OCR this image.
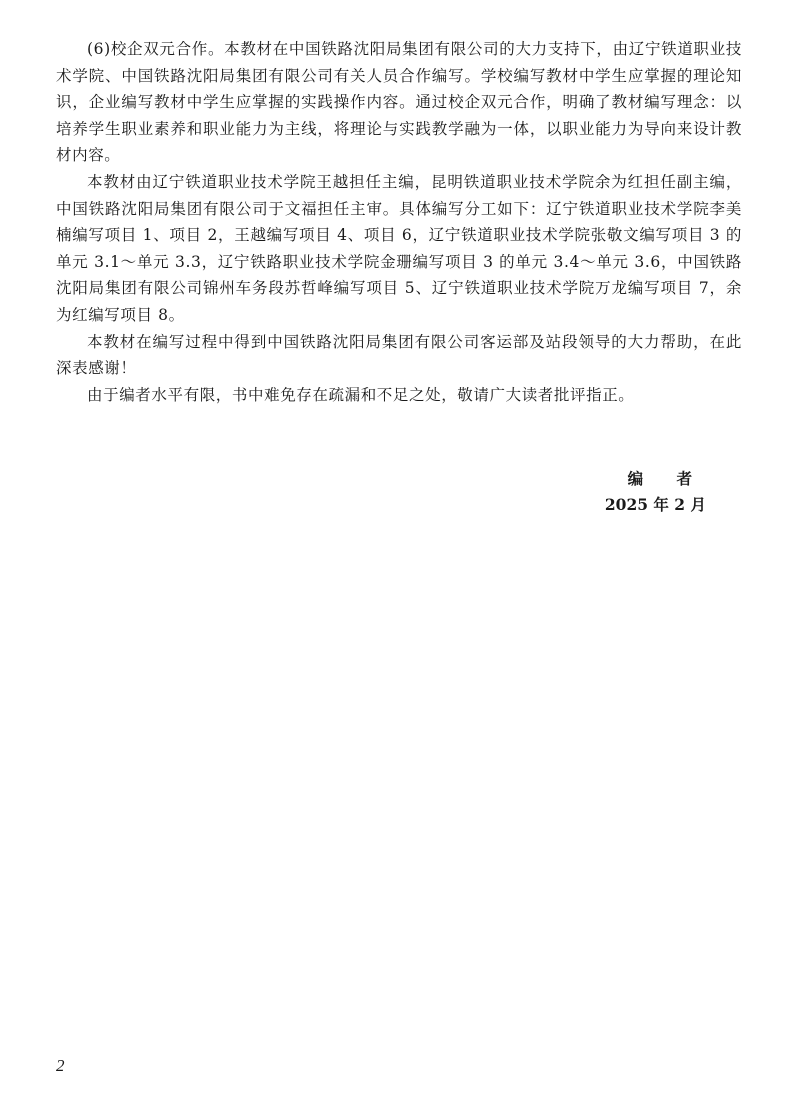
(6)校企双元合作。本教材在中国铁路沈阳局集团有限公司的大力支持下，由辽宁铁道职业技术学院、中国铁路沈阳局集团有限公司有关人员合作编写。学校编写教材中学生应掌握的理论知识，企业编写教材中学生应掌握的实践操作内容。通过校企双元合作，明确了教材编写理念：以培养学生职业素养和职业能力为主线，将理论与实践教学融为一体，以职业能力为导向来设计教材内容。

本教材由辽宁铁道职业技术学院王越担任主编，昆明铁道职业技术学院余为红担任副主编，中国铁路沈阳局集团有限公司于文福担任主审。具体编写分工如下：辽宁铁道职业技术学院李美楠编写项目 1、项目 2，王越编写项目 4、项目 6，辽宁铁道职业技术学院张敬文编写项目 3 的单元 3.1～单元 3.3，辽宁铁路职业技术学院金珊编写项目 3 的单元 3.4～单元 3.6，中国铁路沈阳局集团有限公司锦州车务段苏哲峰编写项目 5、辽宁铁道职业技术学院万龙编写项目 7，余为红编写项目 8。

本教材在编写过程中得到中国铁路沈阳局集团有限公司客运部及站段领导的大力帮助，在此深表感谢！

由于编者水平有限，书中难免存在疏漏和不足之处，敬请广大读者批评指正。

编 者
2025 年 2 月
2
